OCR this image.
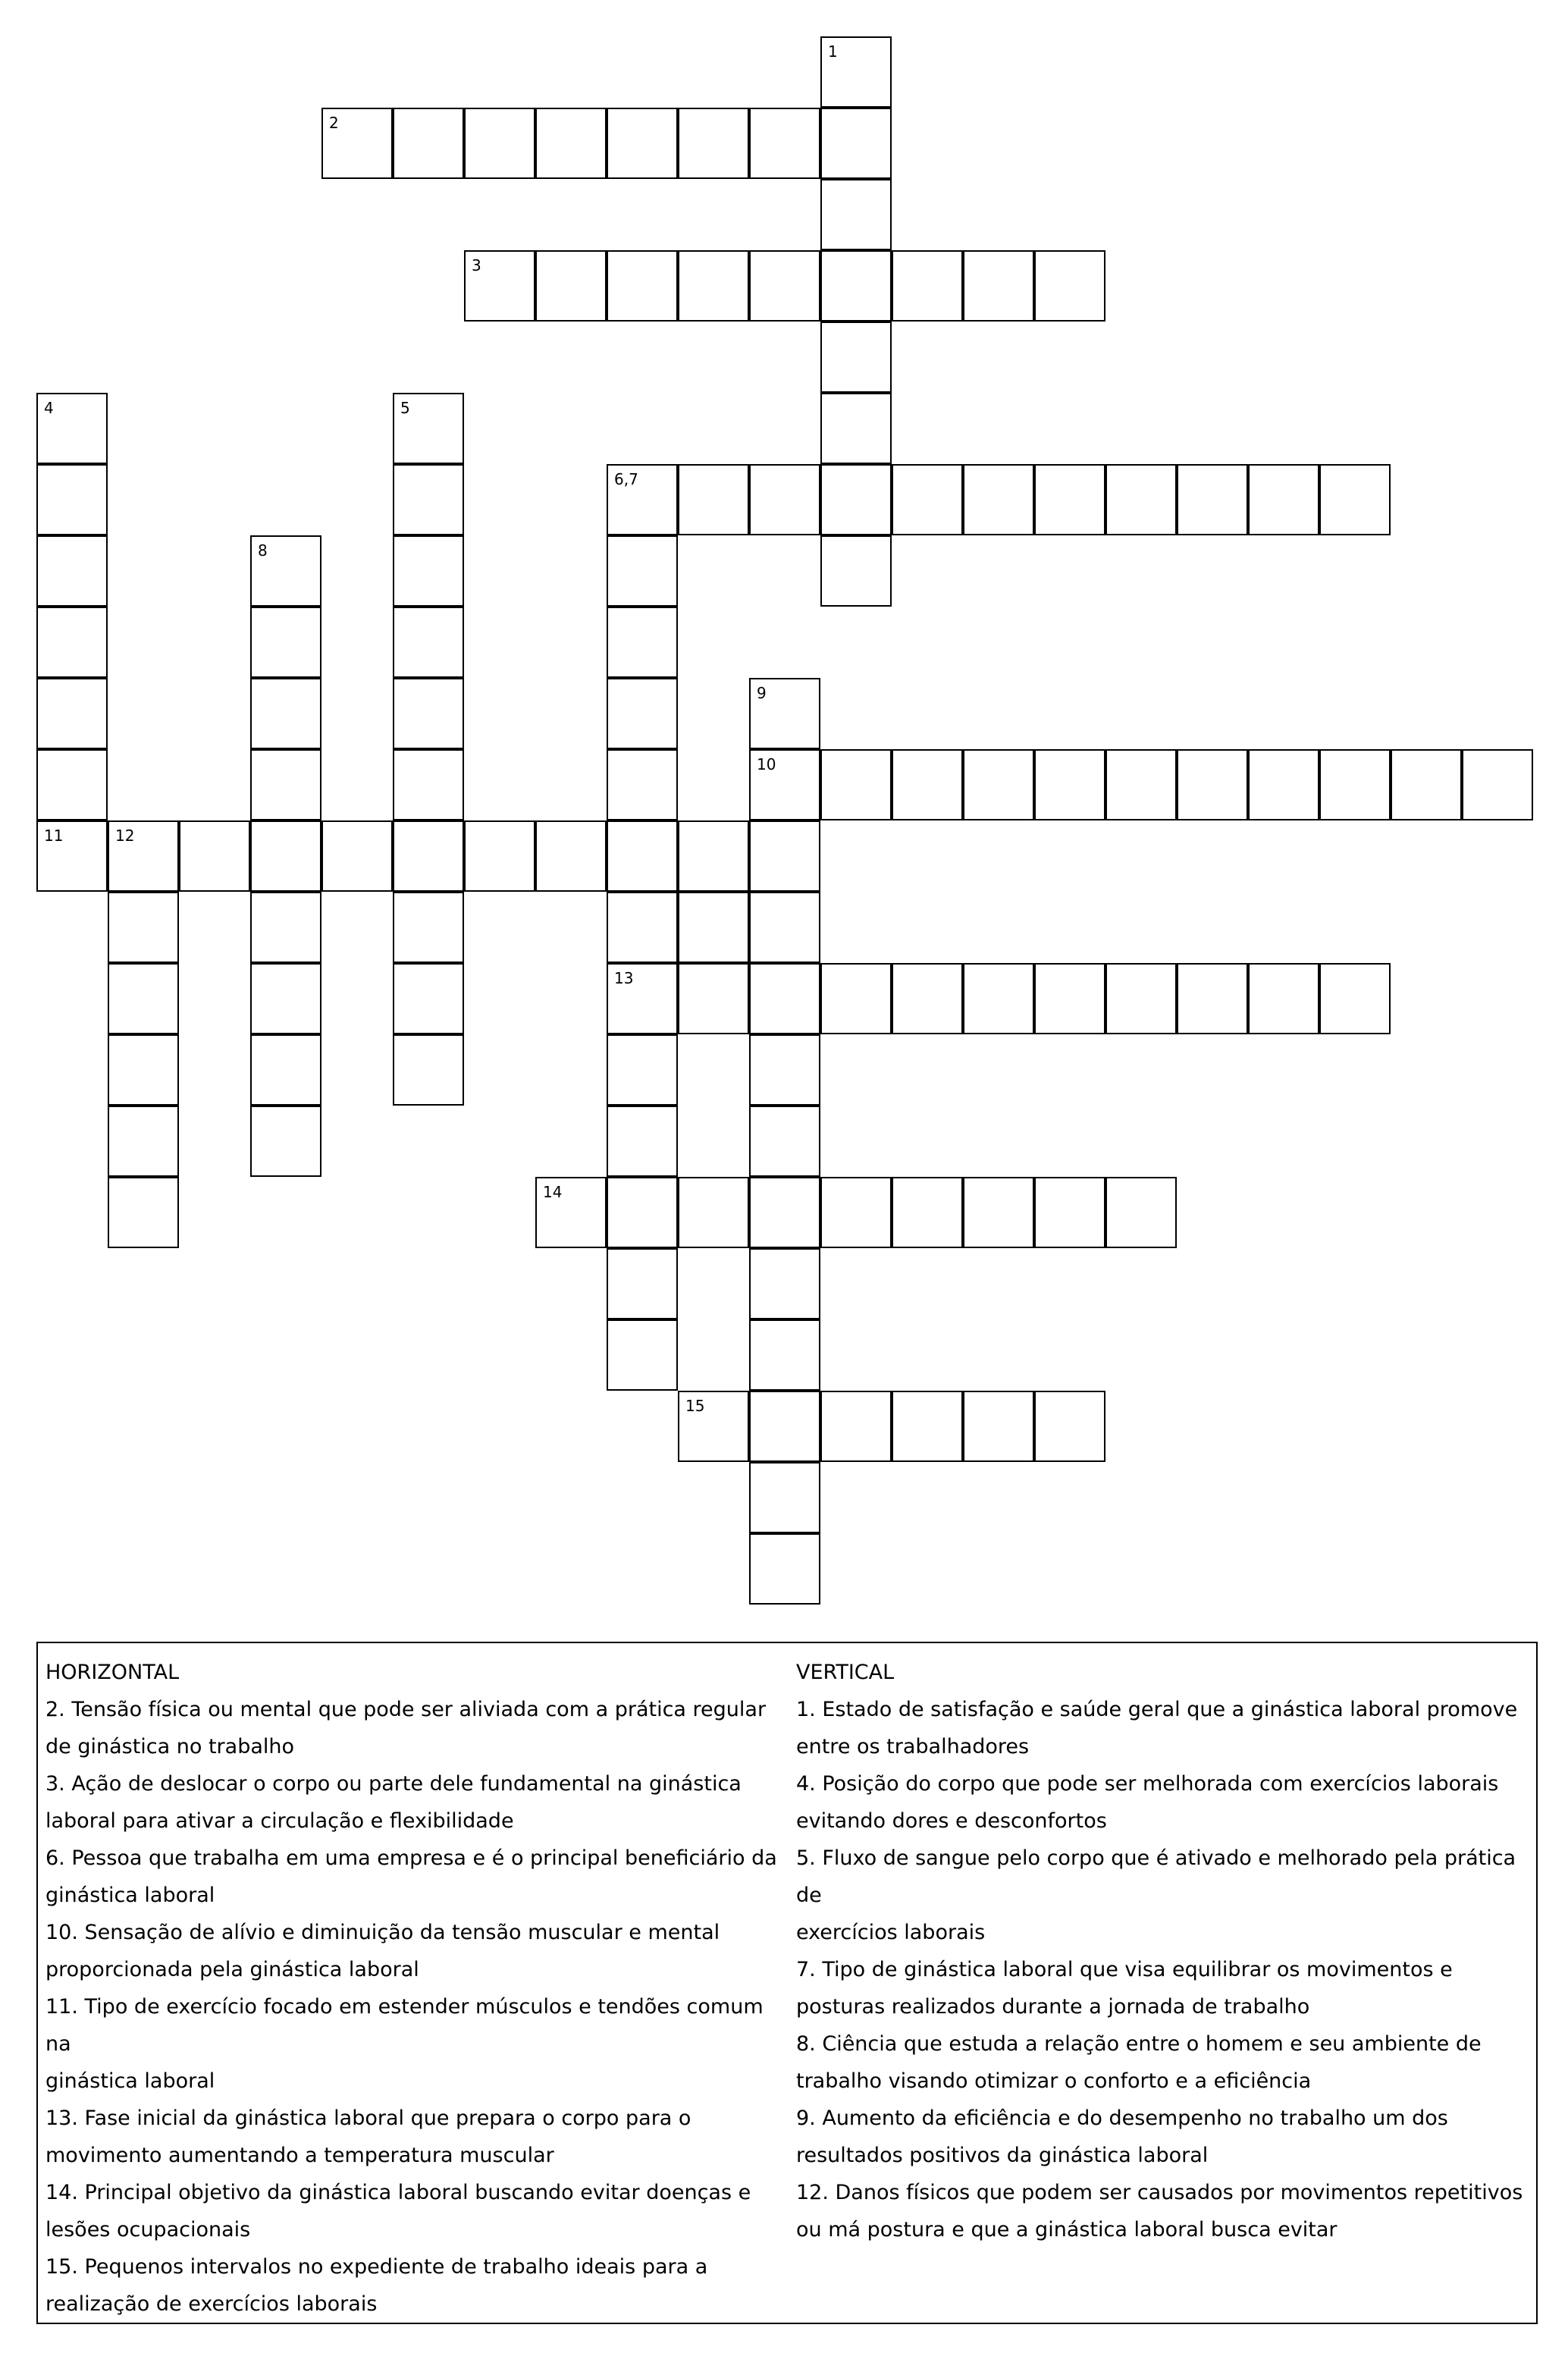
1
2
3
4	5
6,7
8
9
10
11	12
13
14
15
HORIZONTAL
2. Tensão física ou mental que pode ser aliviada com a prática regular
de ginástica no trabalho
3. Ação de deslocar o corpo ou parte dele fundamental na ginástica
laboral para ativar a circulação e flexibilidade
6. Pessoa que trabalha em uma empresa e é o principal beneficiário da
ginástica laboral
10. Sensação de alívio e diminuição da tensão muscular e mental
proporcionada pela ginástica laboral
11. Tipo de exercício focado em estender músculos e tendões comum na
ginástica laboral
13. Fase inicial da ginástica laboral que prepara o corpo para o
movimento aumentando a temperatura muscular
14. Principal objetivo da ginástica laboral buscando evitar doenças e
lesões ocupacionais
15. Pequenos intervalos no expediente de trabalho ideais para a
realização de exercícios laborais
VERTICAL
1. Estado de satisfação e saúde geral que a ginástica laboral promove
entre os trabalhadores
4. Posição do corpo que pode ser melhorada com exercícios laborais
evitando dores e desconfortos
5. Fluxo de sangue pelo corpo que é ativado e melhorado pela prática de
exercícios laborais
7. Tipo de ginástica laboral que visa equilibrar os movimentos e
posturas realizados durante a jornada de trabalho
8. Ciência que estuda a relação entre o homem e seu ambiente de
trabalho visando otimizar o conforto e a eficiência
9. Aumento da eficiência e do desempenho no trabalho um dos
resultados positivos da ginástica laboral
12. Danos físicos que podem ser causados por movimentos repetitivos
ou má postura e que a ginástica laboral busca evitar
